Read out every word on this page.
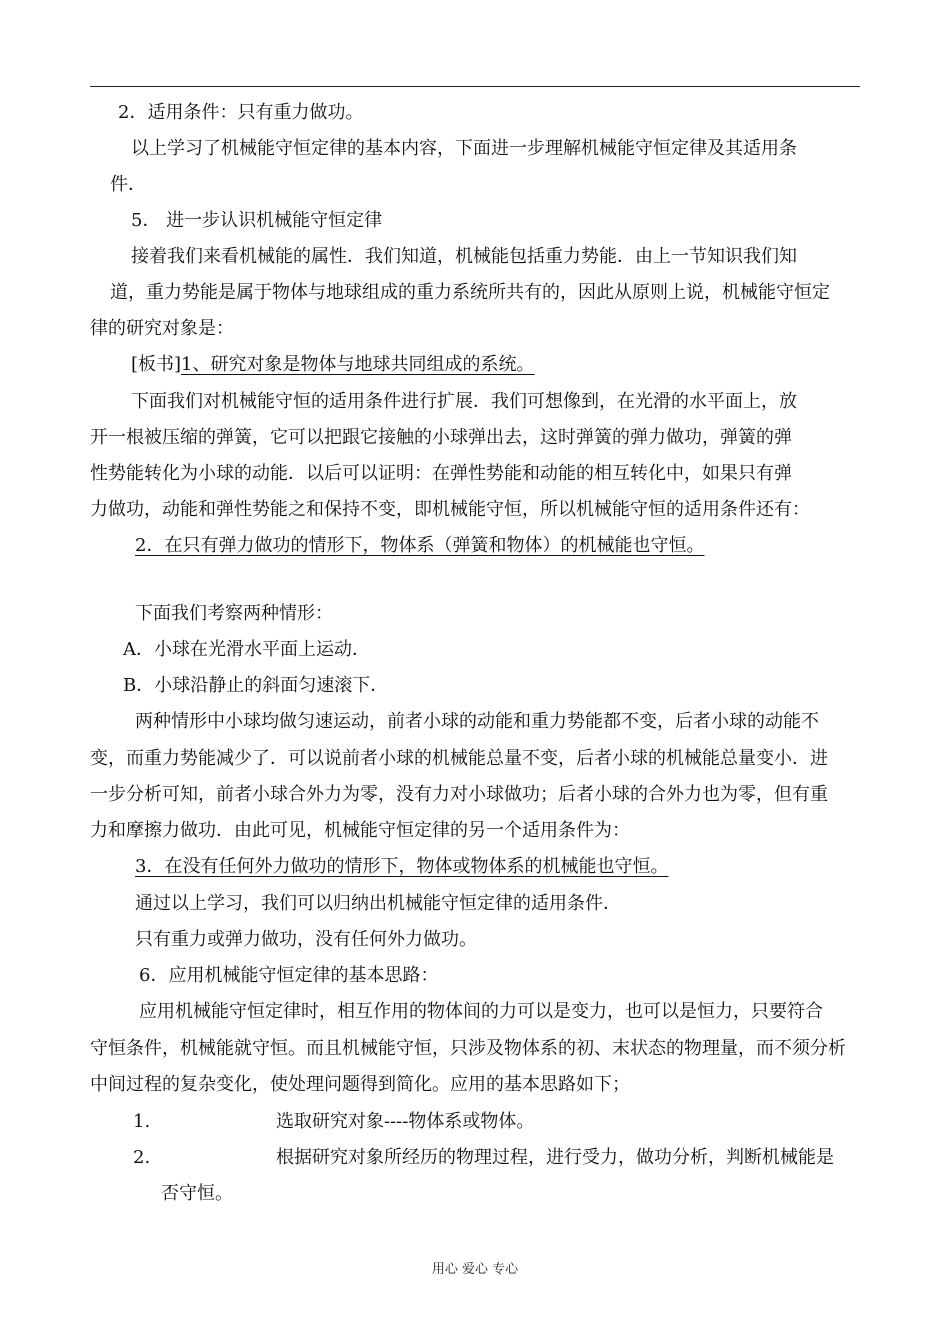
2．适用条件：只有重力做功。
以上学习了机械能守恒定律的基本内容，下面进一步理解机械能守恒定律及其适用条
件．
5． 进一步认识机械能守恒定律
接着我们来看机械能的属性．我们知道，机械能包括重力势能．由上一节知识我们知
道，重力势能是属于物体与地球组成的重力系统所共有的，因此从原则上说，机械能守恒定
律的研究对象是：
[板书]1、研究对象是物体与地球共同组成的系统。
下面我们对机械能守恒的适用条件进行扩展．我们可想像到，在光滑的水平面上，放
开一根被压缩的弹簧，它可以把跟它接触的小球弹出去，这时弹簧的弹力做功，弹簧的弹
性势能转化为小球的动能．以后可以证明：在弹性势能和动能的相互转化中，如果只有弹
力做功，动能和弹性势能之和保持不变，即机械能守恒，所以机械能守恒的适用条件还有：
2．在只有弹力做功的情形下，物体系（弹簧和物体）的机械能也守恒。
下面我们考察两种情形：
A．小球在光滑水平面上运动．
B．小球沿静止的斜面匀速滚下．
两种情形中小球均做匀速运动，前者小球的动能和重力势能都不变，后者小球的动能不
变，而重力势能减少了．可以说前者小球的机械能总量不变，后者小球的机械能总量变小．进
一步分析可知，前者小球合外力为零，没有力对小球做功；后者小球的合外力也为零，但有重
力和摩擦力做功．由此可见，机械能守恒定律的另一个适用条件为：
3．在没有任何外力做功的情形下，物体或物体系的机械能也守恒。
通过以上学习，我们可以归纳出机械能守恒定律的适用条件．
只有重力或弹力做功，没有任何外力做功。
6．应用机械能守恒定律的基本思路：
应用机械能守恒定律时，相互作用的物体间的力可以是变力，也可以是恒力，只要符合
守恒条件，机械能就守恒。而且机械能守恒，只涉及物体系的初、末状态的物理量，而不须分析
中间过程的复杂变化，使处理问题得到简化。应用的基本思路如下；
1.	选取研究对象----物体系或物体。
2.	根据研究对象所经历的物理过程，进行受力，做功分析，判断机械能是
否守恒。
用心 爱心 专心
